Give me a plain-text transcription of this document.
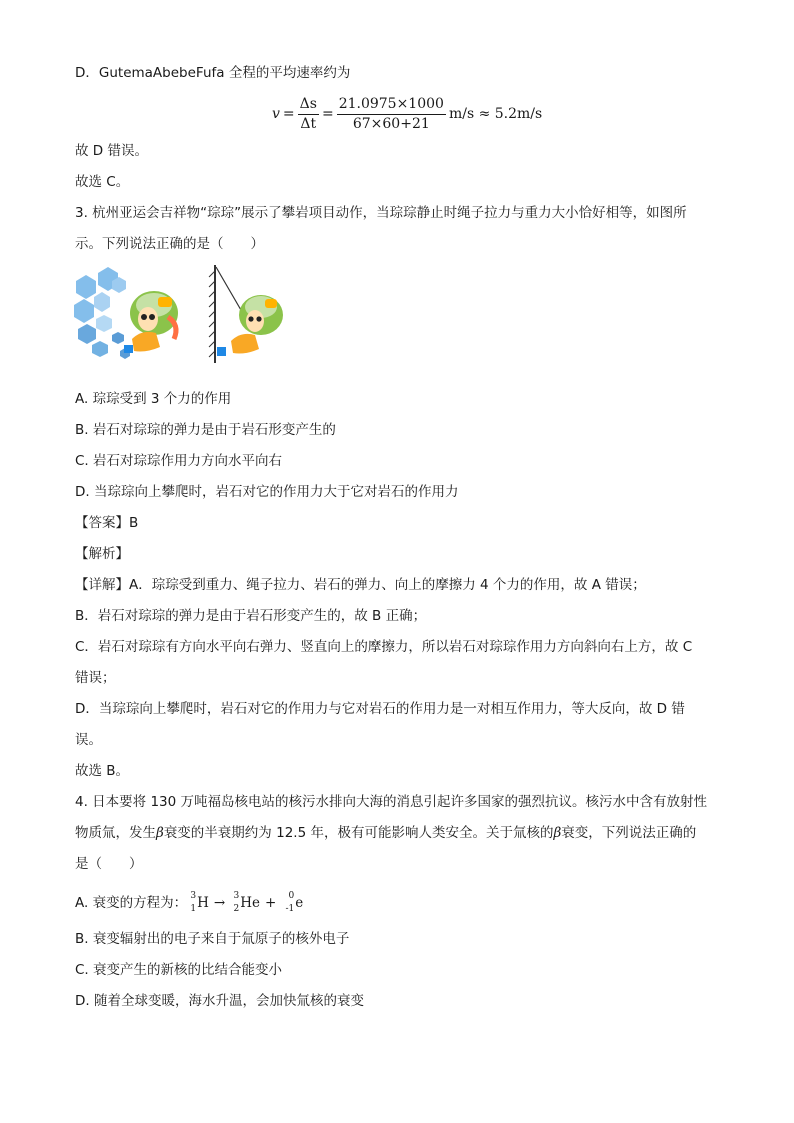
D．GutemaAbebeFufa 全程的平均速率约为
$v = \frac{\Delta s}{\Delta t} = \frac{21.0975\times 1000}{67\times 60+21} m/s \approx 5.2m/s$
故 D 错误。
故选 C。
3. 杭州亚运会吉祥物“琮琮”展示了攀岩项目动作，当琮琮静止时绳子拉力与重力大小恰好相等，如图所
示。下列说法正确的是（　　）
A. 琮琮受到 3 个力的作用
B. 岩石对琮琮的弹力是由于岩石形变产生的
C. 岩石对琮琮作用力方向水平向右
D. 当琮琮向上攀爬时，岩石对它的作用力大于它对岩石的作用力
【答案】B
【解析】
【详解】A．琮琮受到重力、绳子拉力、岩石的弹力、向上的摩擦力 4 个力的作用，故 A 错误；
B．岩石对琮琮的弹力是由于岩石形变产生的，故 B 正确；
C．岩石对琮琮有方向水平向右弹力、竖直向上的摩擦力，所以岩石对琮琮作用力方向斜向右上方，故 C
错误；
D．当琮琮向上攀爬时，岩石对它的作用力与它对岩石的作用力是一对相互作用力，等大反向，故 D 错
误。
故选 B。
4. 日本要将 130 万吨福岛核电站的核污水排向大海的消息引起许多国家的强烈抗议。核污水中含有放射性
物质氚，发生β衰变的半衰期约为 12.5 年，极有可能影响人类安全。关于氚核的β衰变，下列说法正确的
是（　　）
A. 衰变的方程为： 3
1 H → 3
2 He + 0
-1 e
B. 衰变辐射出的电子来自于氚原子的核外电子
C. 衰变产生的新核的比结合能变小
D. 随着全球变暖，海水升温，会加快氚核的衰变
